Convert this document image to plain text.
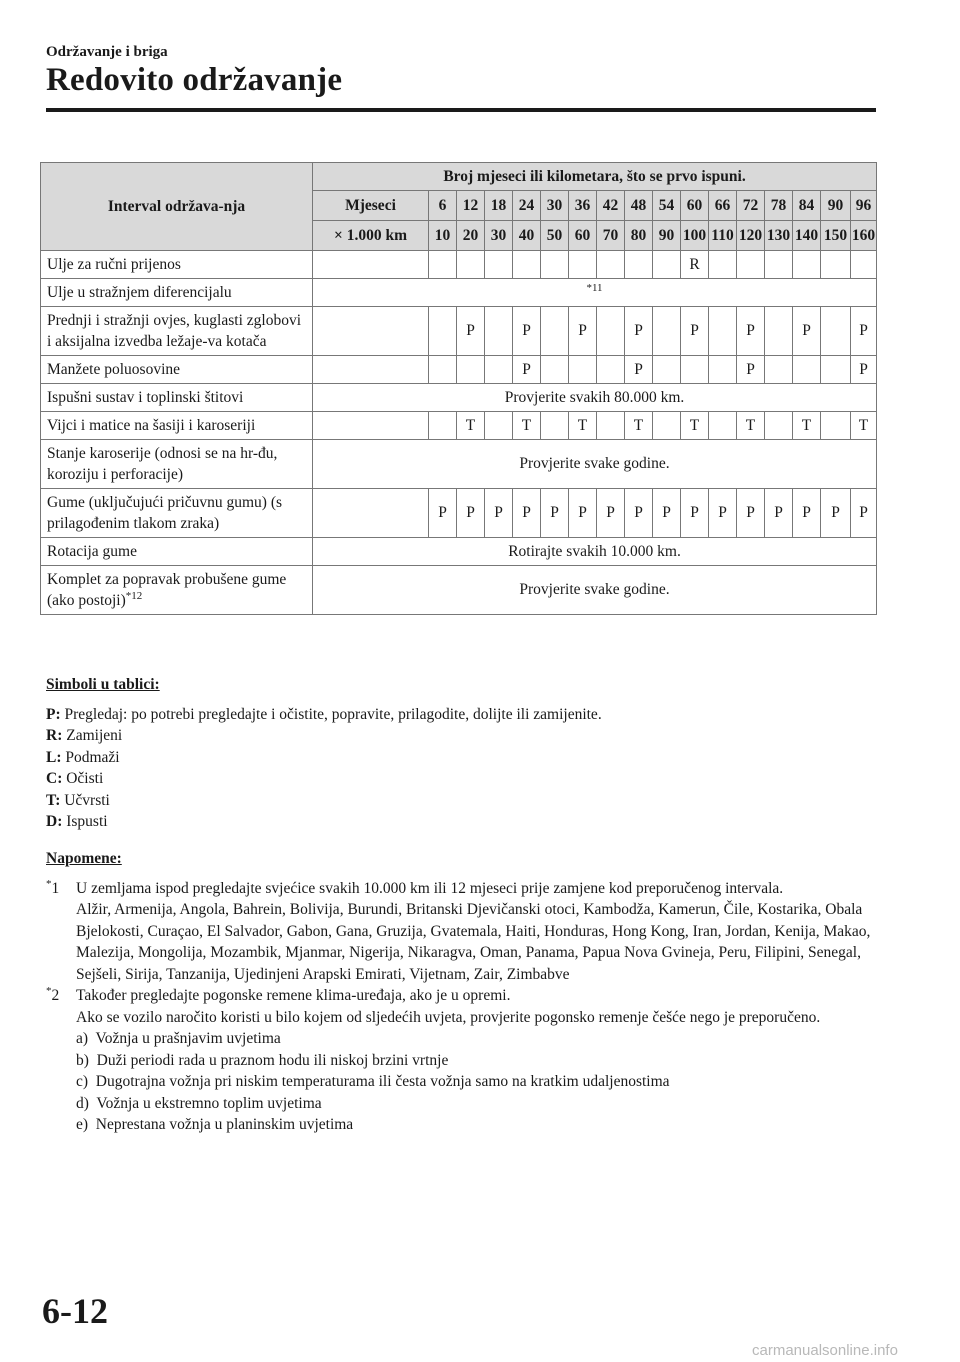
Održavanje i briga
Redovito održavanje
Interval održava-nja	Broj mjeseci ili kilometara, što se prvo ispuni.																
	Mjeseci	6	12	18	24	30	36	42	48	54	60	66	72	78	84	90	96
	× 1.000 km	10	20	30	40	50	60	70	80	90	100	110	120	130	140	150	160
Ulje za ručni prijenos											R						
Ulje u stražnjem diferencijalu	$^{*11}$
Prednji i stražnji ovjes, kuglasti zglobovi i aksijalna izvedba ležaje-va kotača			P		P		P		P		P		P		P		P
Manžete poluosovine					P				P				P				P
Ispušni sustav i toplinski štitovi	Provjerite svakih 80.000 km.																
Vijci i matice na šasiji i karoseriji			T		T		T		T		T		T		T		T
Stanje karoserije (odnosi se na hr-đu, koroziju i perforacije)	Provjerite svake godine.																
Gume (uključujući pričuvnu gumu) (s prilagođenim tlakom zraka)		P	P	P	P	P	P	P	P	P	P	P	P	P	P	P	P
Rotacija gume	Rotirajte svakih 10.000 km.																
Komplet za popravak probušene gume (ako postoji)$^{*12}$	Provjerite svake godine.																
Simboli u tablici:
P: Pregledaj: po potrebi pregledajte i očistite, popravite, prilagodite, dolijte ili zamijenite.
R: Zamijeni
L: Podmaži
C: Očisti
T: Učvrsti
D: Ispusti
Napomene:
*1 U zemljama ispod pregledajte svjećice svakih 10.000 km ili 12 mjeseci prije zamjene kod preporučenog intervala.
Alžir, Armenija, Angola, Bahrein, Bolivija, Burundi, Britanski Djevičanski otoci, Kambodža, Kamerun, Čile, Kostarika, Obala Bjelokosti, Curaçao, El Salvador, Gabon, Gana, Gruzija, Gvatemala, Haiti, Honduras, Hong Kong, Iran, Jordan, Kenija, Makao, Malezija, Mongolija, Mozambik, Mjanmar, Nigerija, Nikaragva, Oman, Panama, Papua Nova Gvineja, Peru, Filipini, Senegal, Sejšeli, Sirija, Tanzanija, Ujedinjeni Arapski Emirati, Vijetnam, Zair, Zimbabve
*2 Također pregledajte pogonske remene klima-uređaja, ako je u opremi.
Ako se vozilo naročito koristi u bilo kojem od sljedećih uvjeta, provjerite pogonsko remenje češće nego je preporučeno.
a)  Vožnja u prašnjavim uvjetima
b)  Duži periodi rada u praznom hodu ili niskoj brzini vrtnje
c)  Dugotrajna vožnja pri niskim temperaturama ili česta vožnja samo na kratkim udaljenostima
d)  Vožnja u ekstremno toplim uvjetima
e)  Neprestana vožnja u planinskim uvjetima
6-12
carmanualsonline.info
